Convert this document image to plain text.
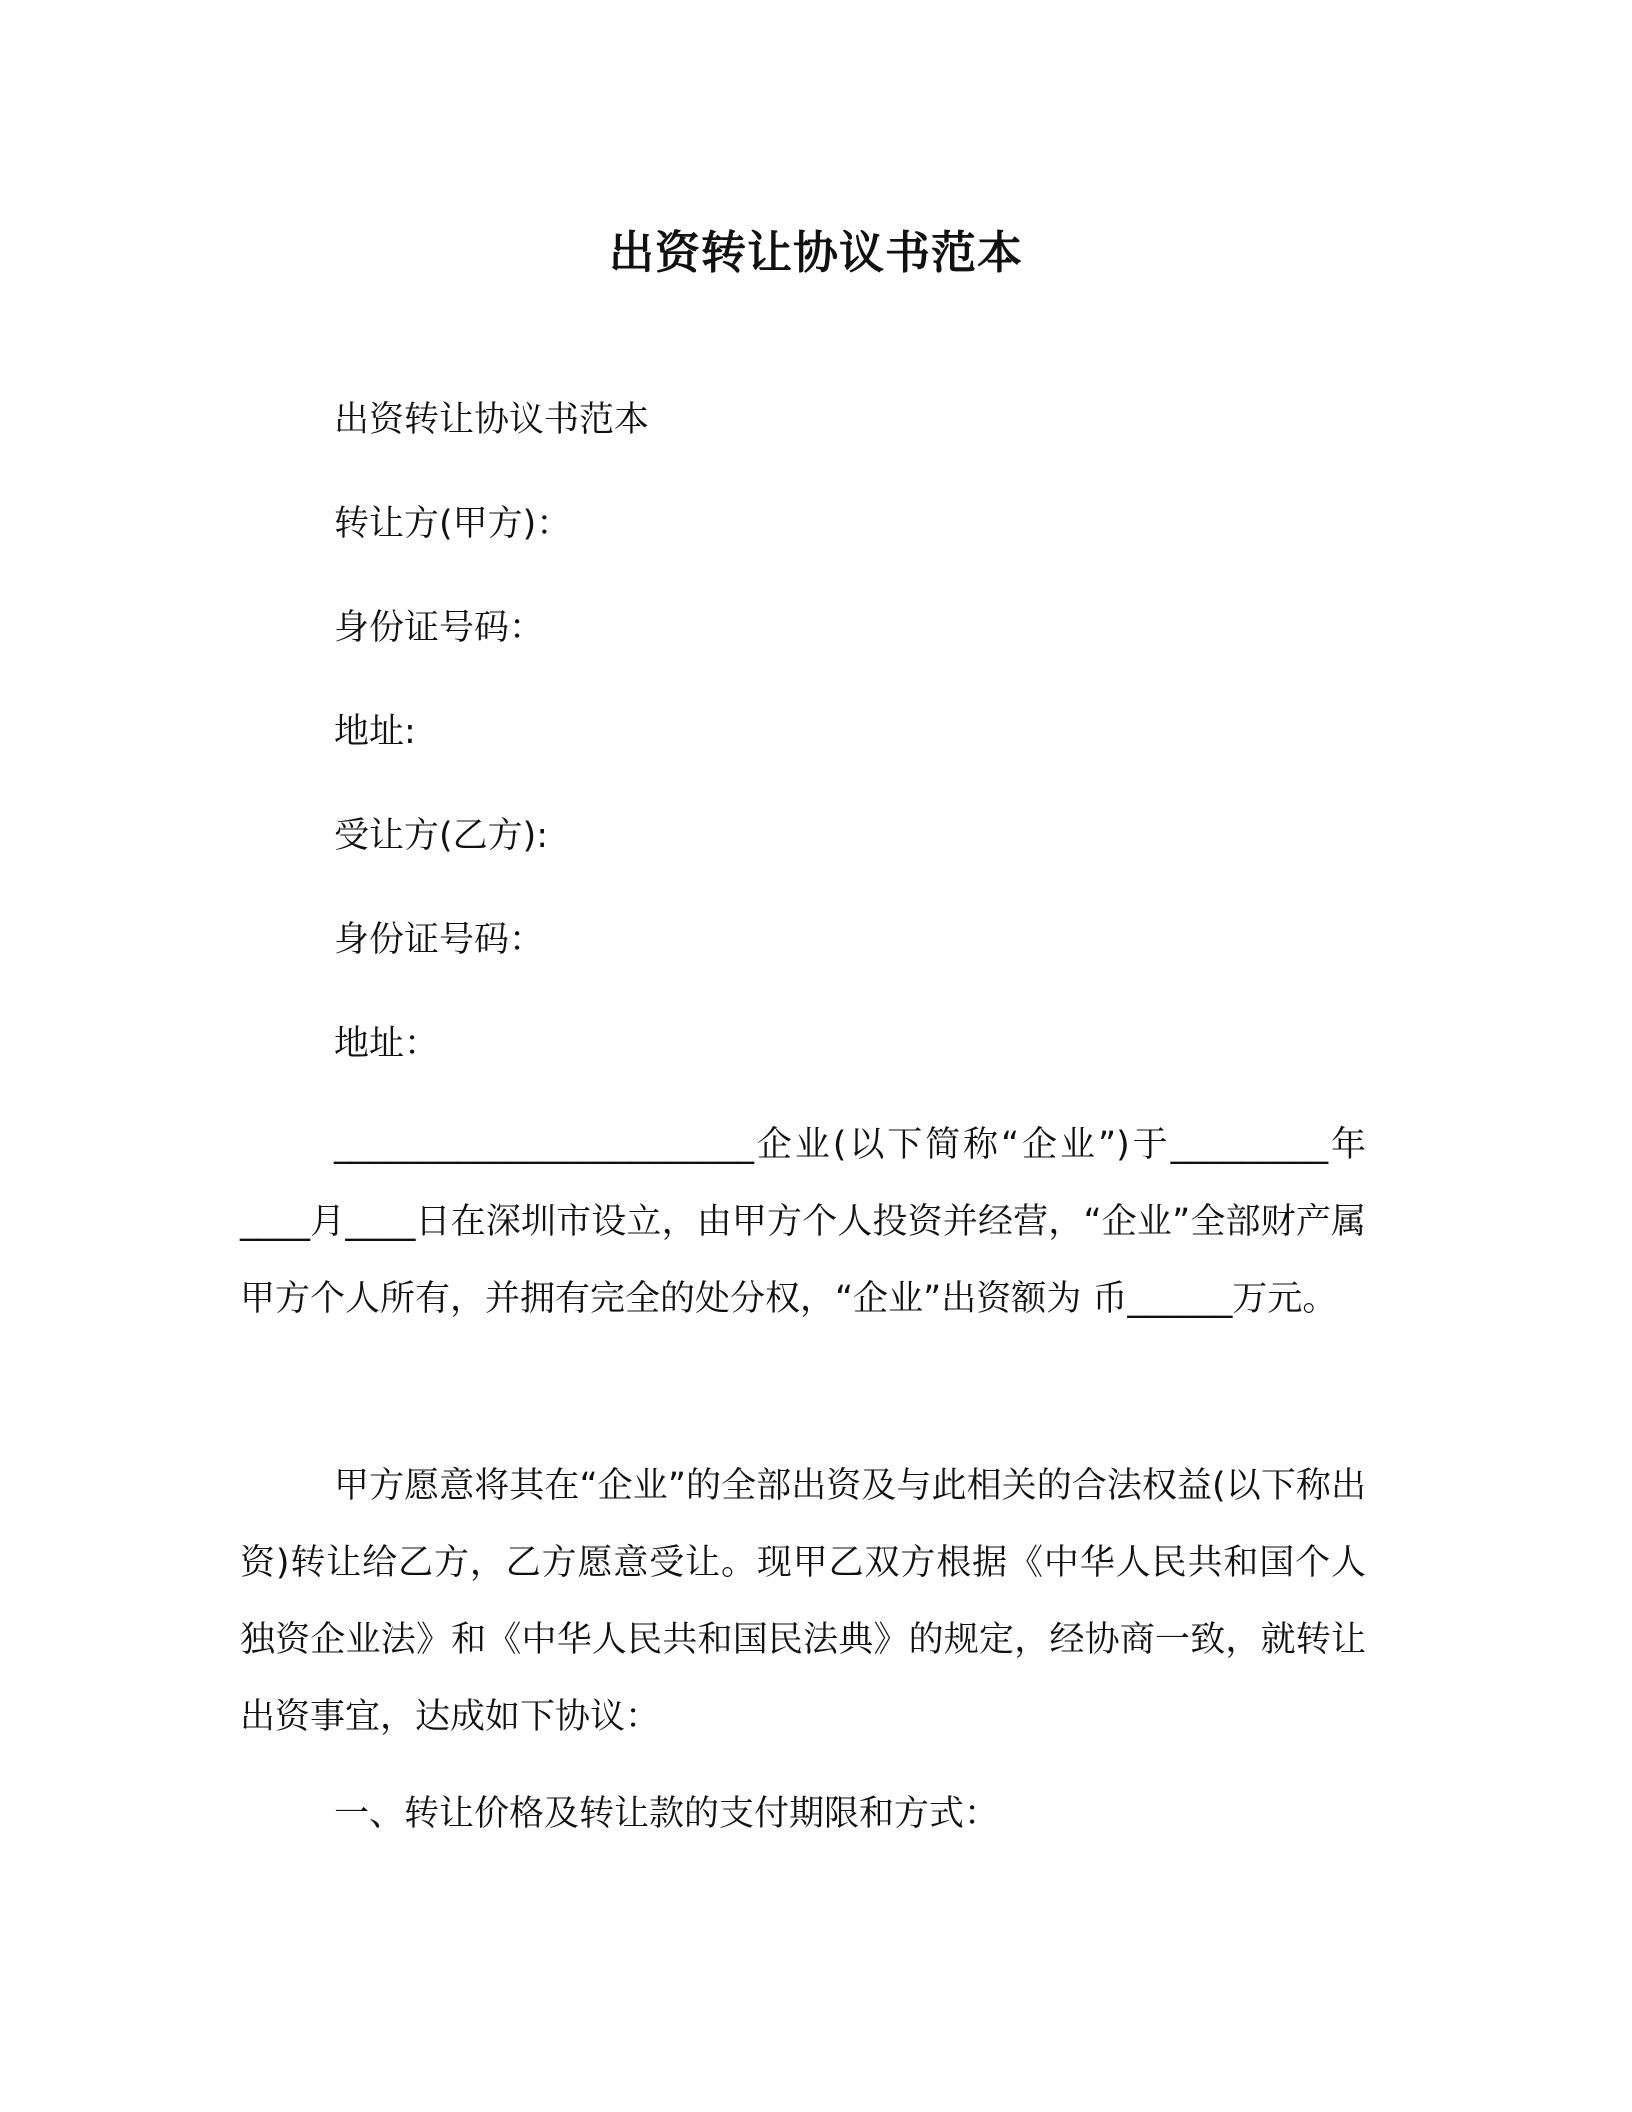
出资转让协议书范本
出资转让协议书范本
转让方(甲方)：
身份证号码：
地址:
受让方(乙方):
身份证号码：
地址：

________________________企业(以下简称“企业”)于_________年____月____日在深圳市设立，由甲方个人投资并经营，“企业”全部财产属甲方个人所有，并拥有完全的处分权，“企业”出资额为 币______万元。

甲方愿意将其在“企业”的全部出资及与此相关的合法权益(以下称出资)转让给乙方，乙方愿意受让。现甲乙双方根据《中华人民共和国个人独资企业法》和《中华人民共和国民法典》的规定，经协商一致，就转让出资事宜，达成如下协议：

一、转让价格及转让款的支付期限和方式：
